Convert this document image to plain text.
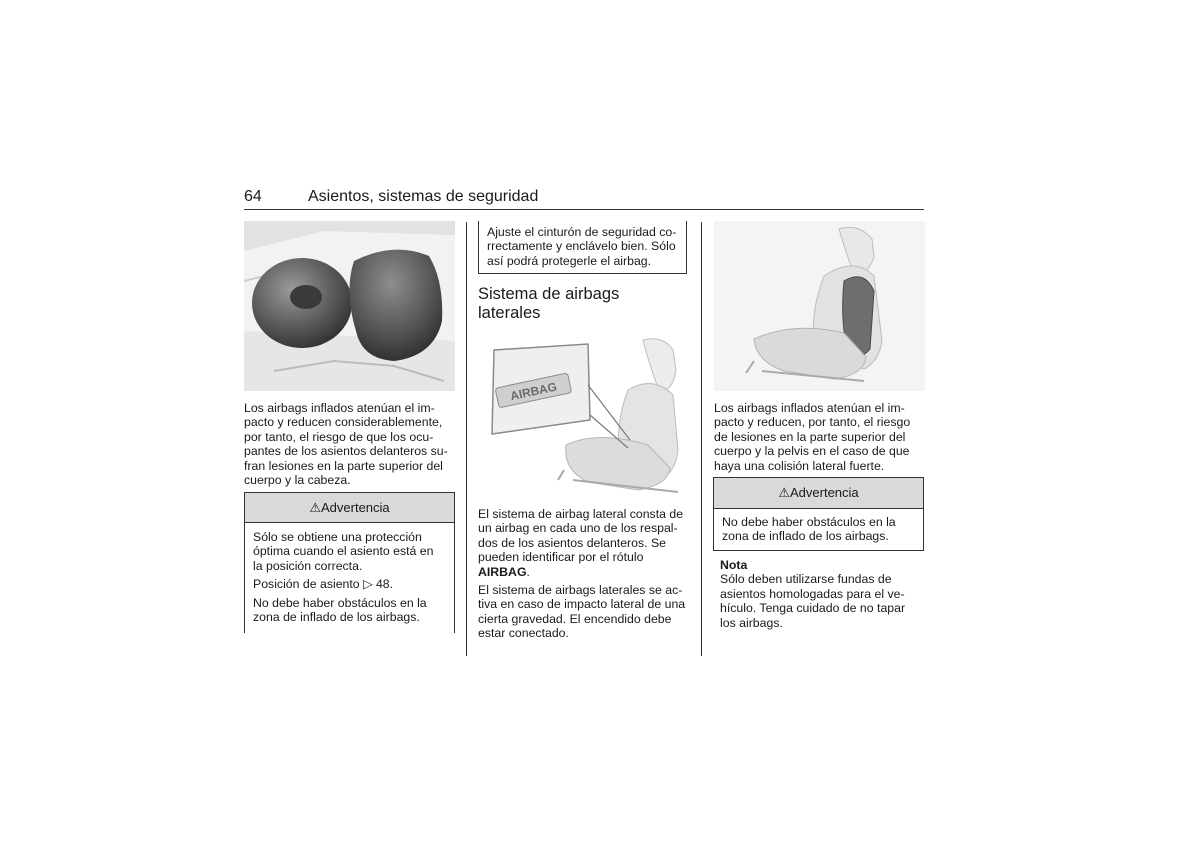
64	Asientos, sistemas de seguridad
Los airbags inflados atenúan el im-
pacto y reducen considerablemente,
por tanto, el riesgo de que los ocu-
pantes de los asientos delanteros su-
fran lesiones en la parte superior del
cuerpo y la cabeza.
⚠Advertencia

Sólo se obtiene una protección
óptima cuando el asiento está en
la posición correcta.

Posición de asiento ▷ 48.

No debe haber obstáculos en la
zona de inflado de los airbags.

Ajuste el cinturón de seguridad co-
rrectamente y enclávelo bien. Sólo
así podrá protegerle el airbag.
Sistema de airbags
laterales
AIRBAG

El sistema de airbag lateral consta de
un airbag en cada uno de los respal-
dos de los asientos delanteros. Se
pueden identificar por el rótulo
AIRBAG.

El sistema de airbags laterales se ac-
tiva en caso de impacto lateral de una
cierta gravedad. El encendido debe
estar conectado.

Los airbags inflados atenúan el im-
pacto y reducen, por tanto, el riesgo
de lesiones en la parte superior del
cuerpo y la pelvis en el caso de que
haya una colisión lateral fuerte.
⚠Advertencia
No debe haber obstáculos en la
zona de inflado de los airbags.
Nota
Sólo deben utilizarse fundas de
asientos homologadas para el ve-
hículo. Tenga cuidado de no tapar
los airbags.
